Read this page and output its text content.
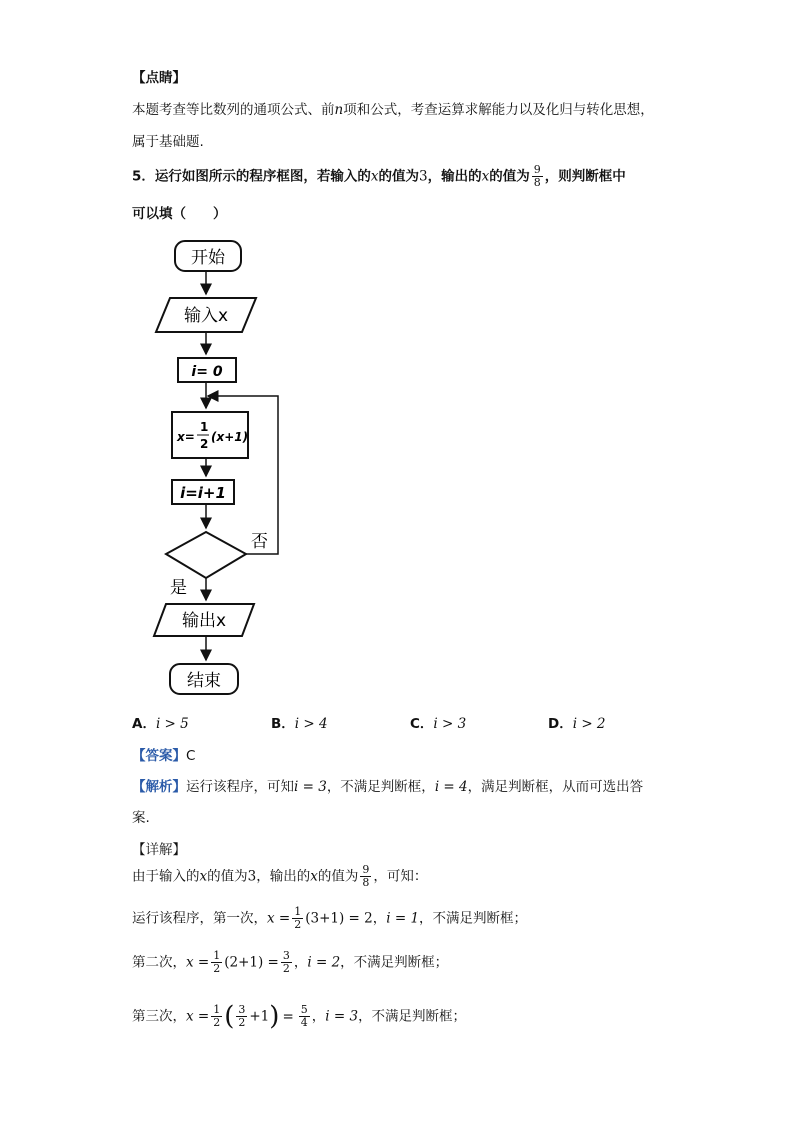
【点睛】
本题考查等比数列的通项公式、前n项和公式，考查运算求解能力以及化归与转化思想，
属于基础题.
5．运行如图所示的程序框图，若输入的x的值为3，输出的x的值为 $\frac{9}{8}$ ，则判断框中
可以填（　　）
开始
输入x
i= 0
x=
1
2 (x+1)
i=i+1
否
是
输出x
结束
A．i > 5	B．i > 4	C．i > 3	D．i > 2
【答案】C
【解析】运行该程序，可知i = 3，不满足判断框，i = 4，满足判断框，从而可选出答
案.
【详解】
由于输入的x的值为3，输出的x的值为 $\frac{9}{8}$ ，可知：
运行该程序，第一次，$x = \frac{1}{2} (3+1) = 2$，i = 1，不满足判断框；
第二次，$x = \frac{1}{2} (2+1) = \frac{3}{2}$ ，i = 2，不满足判断框；
第三次，$x = \frac{1}{2}$ ( $\frac{3}{2} +1) = \frac{5}{4}$ ，i = 3，不满足判断框；
